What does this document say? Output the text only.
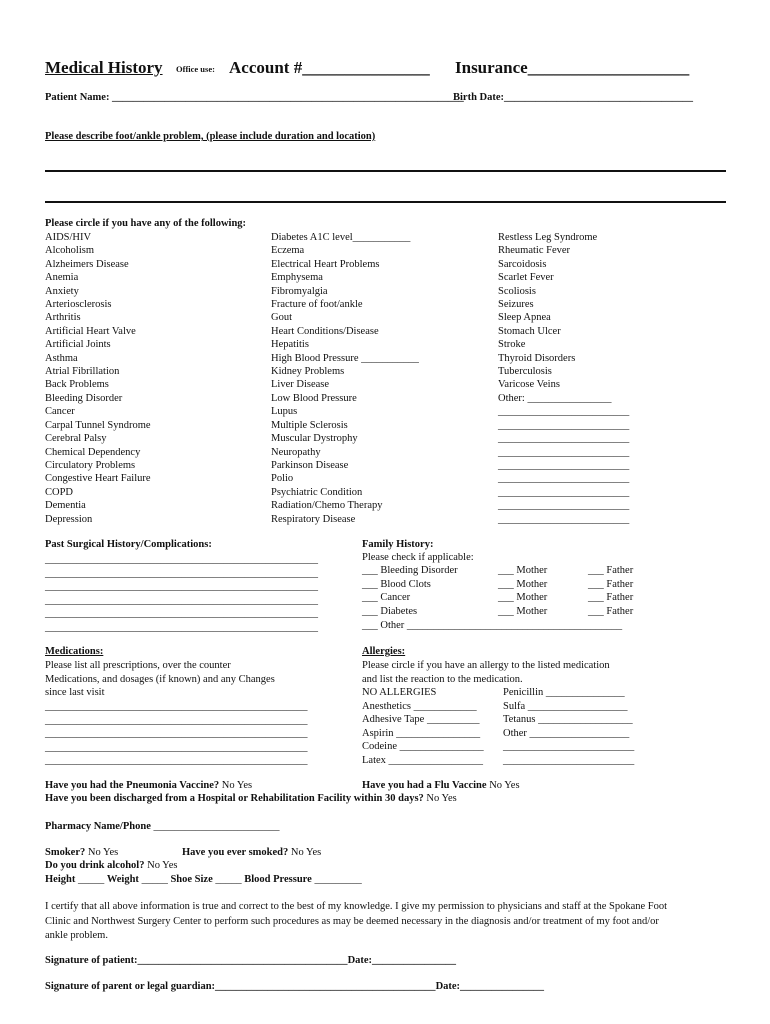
Medical History Office use: Account #_______________ Insurance___________________
Patient Name: ___________________________________________________________________
Birth Date:____________________________________
Please describe foot/ankle problem, (please include duration and location)
Please circle if you have any of the following:
AIDS/HIV
Alcoholism
Alzheimers Disease
Anemia
Anxiety
Arteriosclerosis
Arthritis
Artificial Heart Valve
Artificial Joints
Asthma
Atrial Fibrillation
Back Problems
Bleeding Disorder
Cancer
Carpal Tunnel Syndrome
Cerebral Palsy
Chemical Dependency
Circulatory Problems
Congestive Heart Failure
COPD
Dementia
Depression
Diabetes A1C level___________
Eczema
Electrical Heart Problems
Emphysema
Fibromyalgia
Fracture of foot/ankle
Gout
Heart Conditions/Disease
Hepatitis
High Blood Pressure ___________
Kidney Problems
Liver Disease
Low Blood Pressure
Lupus
Multiple Sclerosis
Muscular Dystrophy
Neuropathy
Parkinson Disease
Polio
Psychiatric Condition
Radiation/Chemo Therapy
Respiratory Disease
Restless Leg Syndrome
Rheumatic Fever
Sarcoidosis
Scarlet Fever
Scoliosis
Seizures
Sleep Apnea
Stomach Ulcer
Stroke
Thyroid Disorders
Tuberculosis
Varicose Veins
Other: ________________
_________________________
_________________________
_________________________
_________________________
_________________________
_________________________
_________________________
_________________________
_________________________
Past Surgical History/Complications:
____________________________________________________
____________________________________________________
____________________________________________________
____________________________________________________
____________________________________________________
____________________________________________________
Family History:
Please check if applicable:
___ Bleeding Disorder	___ Mother	___ Father
___ Blood Clots	___ Mother	___ Father
___ Cancer	___ Mother	___ Father
___ Diabetes	___ Mother	___ Father
___ Other _________________________________________
Medications:
Please list all prescriptions, over the counter
Medications, and dosages (if known) and any Changes
since last visit
__________________________________________________
__________________________________________________
__________________________________________________
__________________________________________________
__________________________________________________
Allergies:
Please circle if you have an allergy to the listed medication
and list the reaction to the medication.
NO ALLERGIES
Anesthetics ____________
Adhesive Tape __________
Aspirin ________________
Codeine ________________
Latex __________________
Penicillin _______________
Sulfa ___________________
Tetanus __________________
Other ___________________
_________________________
_________________________
Have you had the Pneumonia Vaccine? No Yes	Have you had a Flu Vaccine No Yes
Have you been discharged from a Hospital or Rehabilitation Facility within 30 days? No Yes
Pharmacy Name/Phone ________________________
Smoker? No Yes	Have you ever smoked? No Yes
Do you drink alcohol? No Yes
Height _____ Weight _____ Shoe Size _____ Blood Pressure _________
I certify that all above information is true and correct to the best of my knowledge. I give my permission to physicians and staff at the Spokane Foot
Clinic and Northwest Surgery Center to perform such procedures as may be deemed necessary in the diagnosis and/or treatment of my foot and/or
ankle problem.
Signature of patient:________________________________________Date:________________
Signature of parent or legal guardian:__________________________________________Date:________________
